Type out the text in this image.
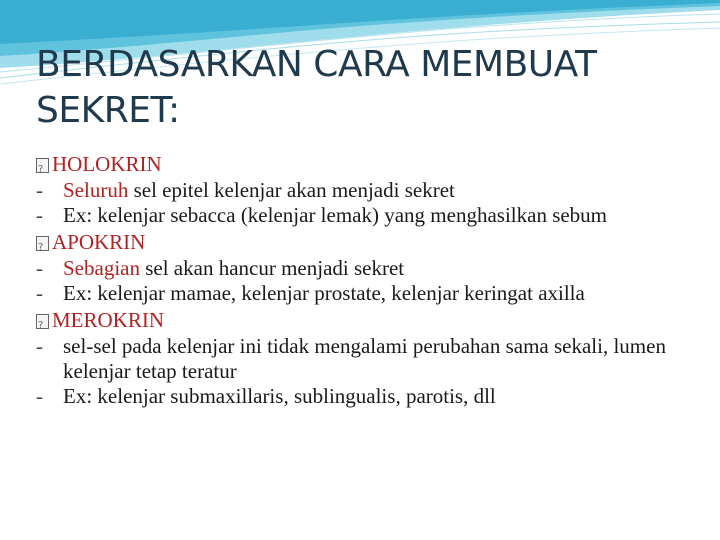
BERDASARKAN CARA MEMBUAT SEKRET:
?
HOLOKRIN
- Seluruh sel epitel kelenjar akan menjadi sekret
- Ex: kelenjar sebacca (kelenjar lemak) yang menghasilkan sebum
?
APOKRIN
- Sebagian sel akan hancur menjadi sekret
- Ex: kelenjar mamae, kelenjar prostate, kelenjar keringat axilla
?
MEROKRIN
- sel-sel pada kelenjar ini tidak mengalami perubahan sama sekali, lumen kelenjar tetap teratur
- Ex: kelenjar submaxillaris, sublingualis, parotis, dll
